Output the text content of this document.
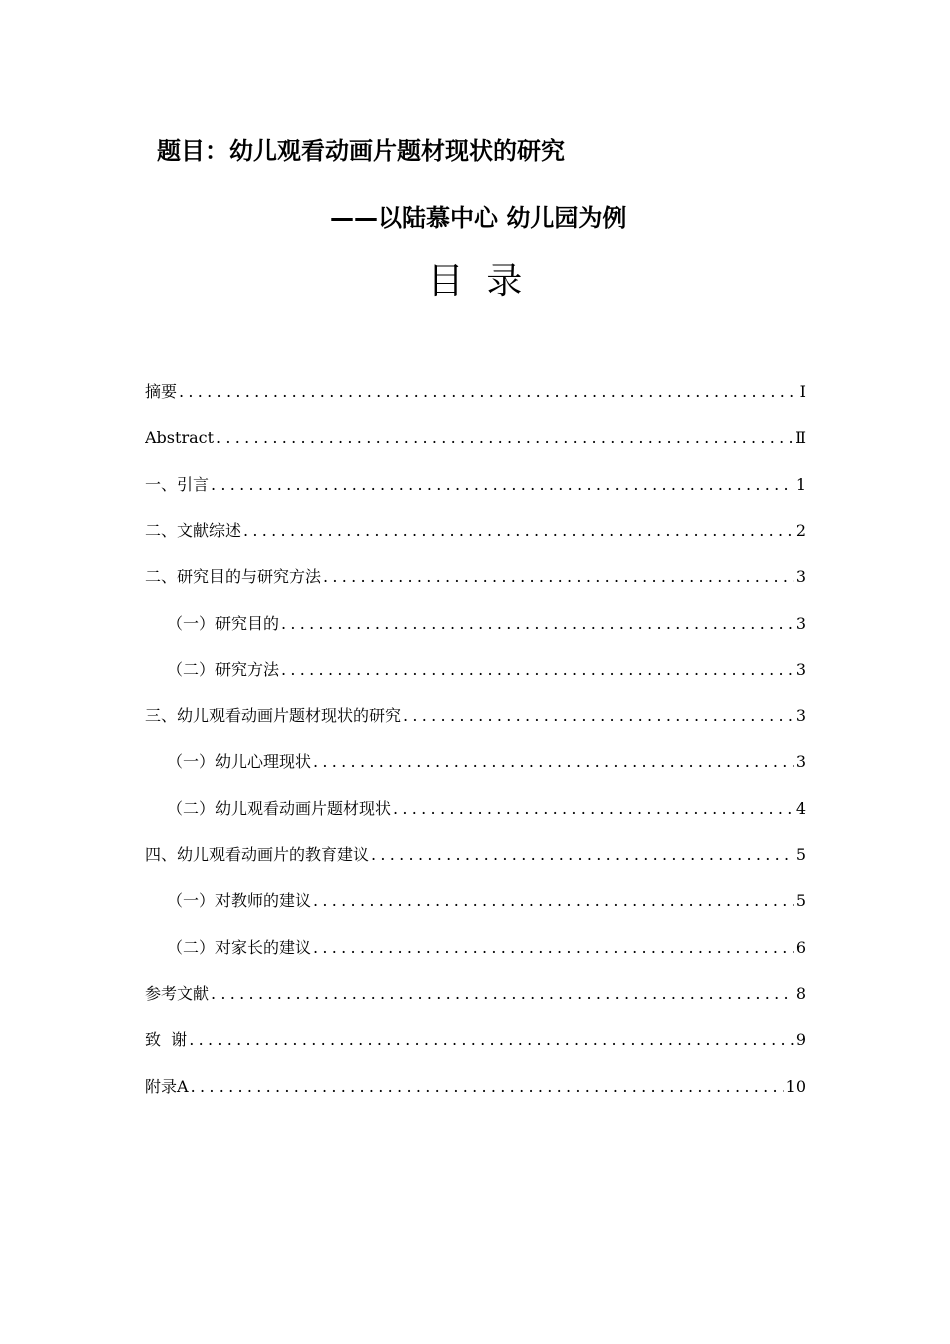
题目：幼儿观看动画片题材现状的研究
——以陆慕中心 幼儿园为例
目  录
摘要 .....	Ⅰ
Abstract .....	Ⅱ
一、引言 .....	1
二、文献综述 .....	2
二、研究目的与研究方法 .....	3
（一）研究目的 .....	3
（二）研究方法 .....	3
三、幼儿观看动画片题材现状的研究 .....	3
（一）幼儿心理现状 .....	3
（二）幼儿观看动画片题材现状 .....	4
四、幼儿观看动画片的教育建议 .....	5
（一）对教师的建议 .....	5
（二）对家长的建议 .....	6
参考文献 .....	8
致  谢 .....	9
附录A .....	10
